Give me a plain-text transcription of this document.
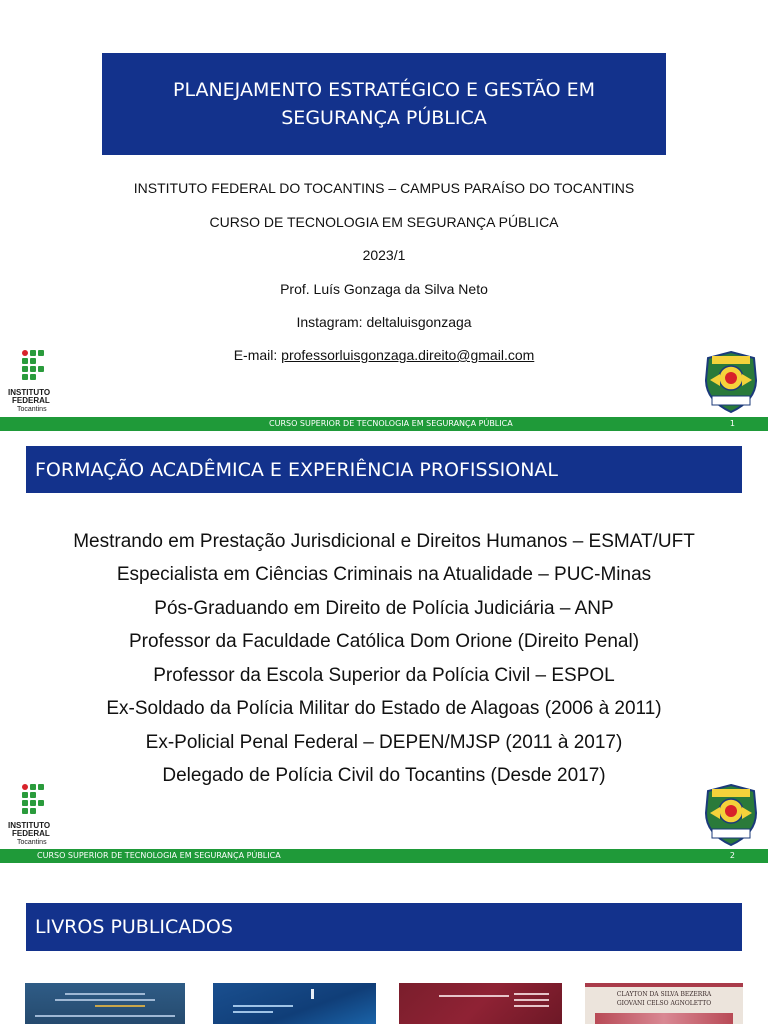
PLANEJAMENTO ESTRATÉGICO E GESTÃO EM
SEGURANÇA PÚBLICA
INSTITUTO FEDERAL DO TOCANTINS – CAMPUS PARAÍSO DO TOCANTINS
CURSO DE TECNOLOGIA EM SEGURANÇA PÚBLICA
2023/1
Prof. Luís Gonzaga da Silva Neto
Instagram: deltaluisgonzaga
E-mail: professorluisgonzaga.direito@gmail.com
INSTITUTO
FEDERAL
Tocantins
CURSO SUPERIOR DE TECNOLOGIA EM SEGURANÇA PÚBLICA	1
FORMAÇÃO ACADÊMICA E EXPERIÊNCIA PROFISSIONAL
Mestrando em Prestação Jurisdicional e Direitos Humanos – ESMAT/UFT
Especialista em Ciências Criminais na Atualidade – PUC-Minas
Pós-Graduando em Direito de Polícia Judiciária – ANP
Professor da Faculdade Católica Dom Orione (Direito Penal)
Professor da Escola Superior da Polícia Civil – ESPOL
Ex-Soldado da Polícia Militar do Estado de Alagoas (2006 à 2011)
Ex-Policial Penal Federal – DEPEN/MJSP (2011 à 2017)
Delegado de Polícia Civil do Tocantins (Desde 2017)
INSTITUTO
FEDERAL
Tocantins
CURSO SUPERIOR DE TECNOLOGIA EM SEGURANÇA PÚBLICA	2
LIVROS PUBLICADOS
CLAYTON DA SILVA BEZERRA
GIOVANI CELSO AGNOLETTO
